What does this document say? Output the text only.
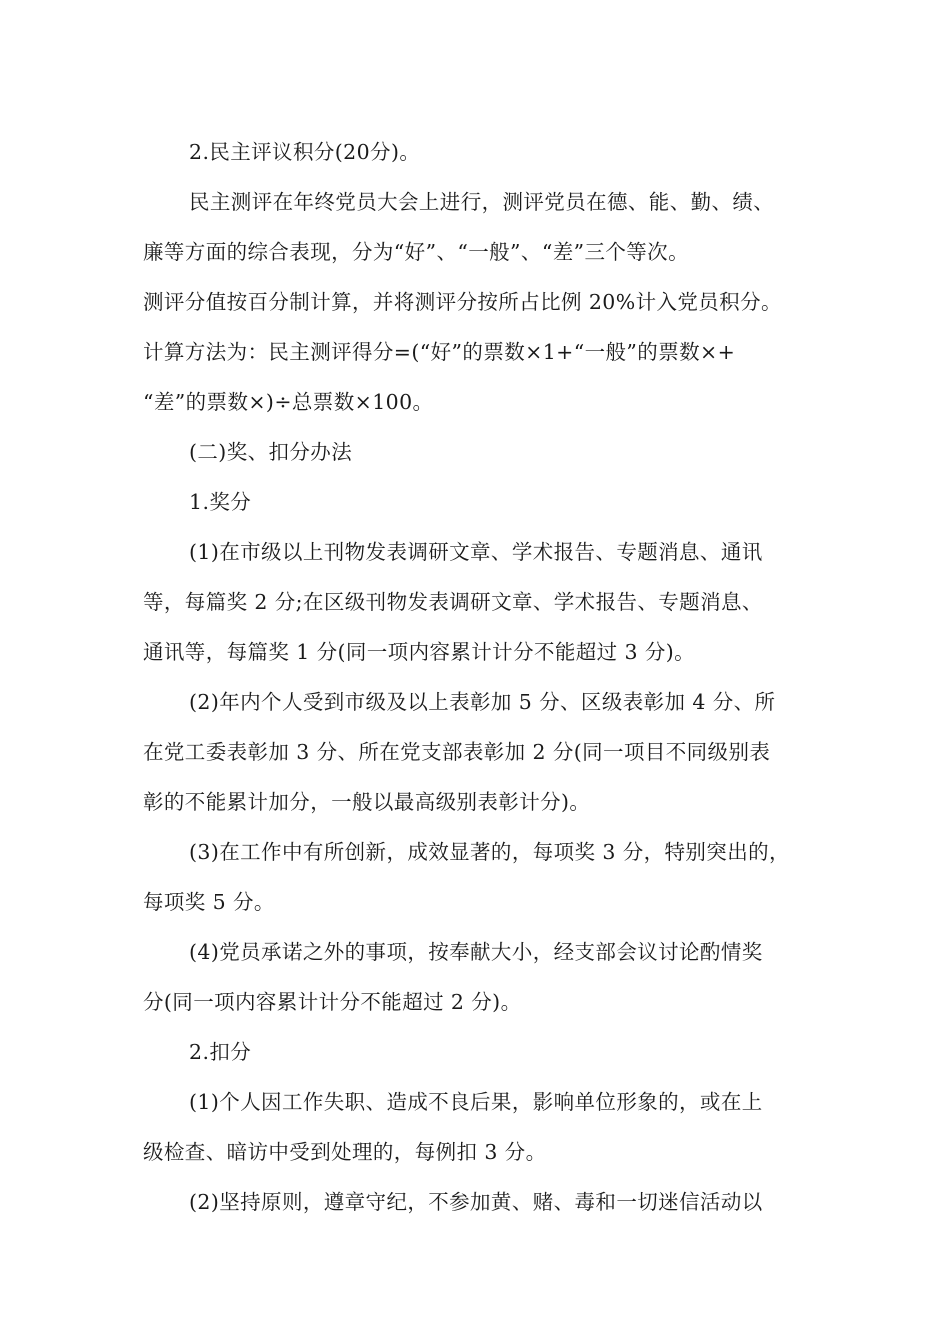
2.民主评议积分(20分)。
民主测评在年终党员大会上进行，测评党员在德、能、勤、绩、
廉等方面的综合表现，分为“好”、“一般”、“差”三个等次。
测评分值按百分制计算，并将测评分按所占比例 20%计入党员积分。
计算方法为：民主测评得分=(“好”的票数×1+“一般”的票数×+
“差”的票数×)÷总票数×100。
(二)奖、扣分办法
1.奖分
(1)在市级以上刊物发表调研文章、学术报告、专题消息、通讯
等，每篇奖 2 分;在区级刊物发表调研文章、学术报告、专题消息、
通讯等，每篇奖 1 分(同一项内容累计计分不能超过 3 分)。
(2)年内个人受到市级及以上表彰加 5 分、区级表彰加 4 分、所
在党工委表彰加 3 分、所在党支部表彰加 2 分(同一项目不同级别表
彰的不能累计加分，一般以最高级别表彰计分)。
(3)在工作中有所创新，成效显著的，每项奖 3 分，特别突出的，
每项奖 5 分。
(4)党员承诺之外的事项，按奉献大小，经支部会议讨论酌情奖
分(同一项内容累计计分不能超过 2 分)。
2.扣分
(1)个人因工作失职、造成不良后果，影响单位形象的，或在上
级检查、暗访中受到处理的，每例扣 3 分。
(2)坚持原则，遵章守纪，不参加黄、赌、毒和一切迷信活动以
